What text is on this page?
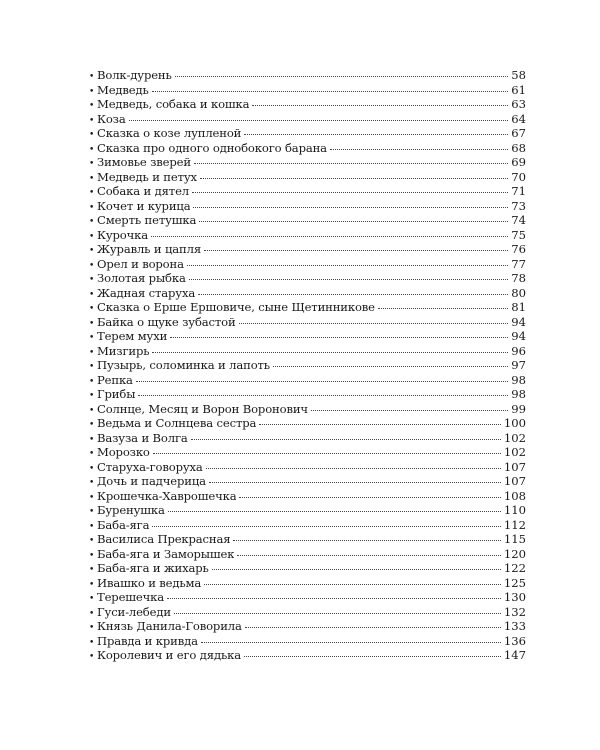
• Волк-дурень	58
• Медведь	61
• Медведь, собака и кошка	63
• Коза	64
• Сказка о козе лупленой	67
• Сказка про одного однобокого барана	68
• Зимовье зверей	69
• Медведь и петух	70
• Собака и дятел	71
• Кочет и курица	73
• Смерть петушка	74
• Курочка	75
• Журавль и цапля	76
• Орел и ворона	77
• Золотая рыбка	78
• Жадная старуха	80
• Сказка о Ерше Ершовиче, сыне Щетинникове	81
• Байка о щуке зубастой	94
• Терем мухи	94
• Мизгирь	96
• Пузырь, соломинка и лапоть	97
• Репка	98
• Грибы	98
• Солнце, Месяц и Ворон Воронович	99
• Ведьма и Солнцева сестра	100
• Вазуза и Волга	102
• Морозко	102
• Старуха-говоруха	107
• Дочь и падчерица	107
• Крошечка-Хаврошечка	108
• Буренушка	110
• Баба-яга	112
• Василиса Прекрасная	115
• Баба-яга и Заморышек	120
• Баба-яга и жихарь	122
• Ивашко и ведьма	125
• Терешечка	130
• Гуси-лебеди	132
• Князь Данила-Говорила	133
• Правда и кривда	136
• Королевич и его дядька	147
